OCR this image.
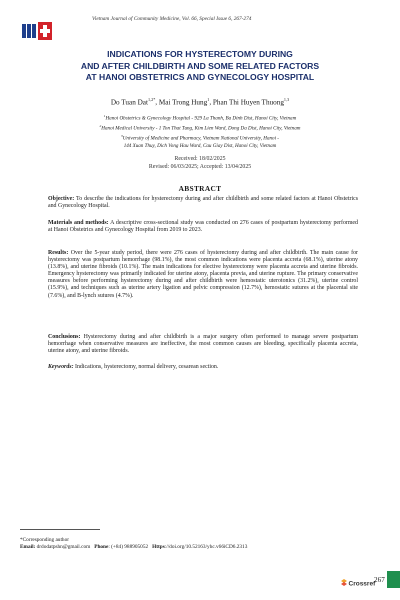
Vietnam Journal of Community Medicine, Vol. 66, Special Issue 6, 267-274
INDICATIONS FOR HYSTERECTOMY DURING
AND AFTER CHILDBIRTH AND SOME RELATED FACTORS
AT HANOI OBSTETRICS AND GYNECOLOGY HOSPITAL
Do Tuan Dat$^{1,2*}$, Mai Trong Hung$^1$, Phan Thi Huyen Thuong$^{1,3}$
$^1$Hanoi Obstetrics & Gynecology Hospital - 929 La Thanh, Ba Dinh Dist, Hanoi City, Vietnam
$^2$Hanoi Medical University - 1 Ton That Tung, Kim Lien Ward, Dong Da Dist, Hanoi City, Vietnam
$^3$University of Medicine and Pharmacy, Vietnam National University, Hanoi -
144 Xuan Thuy, Dich Vong Hau Ward, Cau Giay Dist, Hanoi City, Vietnam
Received: 18/02/2025
Revised: 06/03/2025; Accepted: 13/04/2025
ABSTRACT
Objective: To describe the indications for hysterectomy during and after childbirth and some related factors at Hanoi Obstetrics and Gynecology Hospital.
Materials and methods: A descriptive cross-sectional study was conducted on 276 cases of postpartum hysterectomy performed at Hanoi Obstetrics and Gynecology Hospital from 2019 to 2023.
Results: Over the 5-year study period, there were 276 cases of hysterectomy during and after childbirth. The main cause for hysterectomy was postpartum hemorrhage (98.1%), the most common indications were placenta accreta (68.1%), uterine atony (13.8%), and uterine fibroids (10.1%). The main indications for elective hysterectomy were placenta accreta and uterine fibroids. Emergency hysterectomy was primarily indicated for uterine atony, placenta previa, and uterine rupture. The primary conservative measures before performing hysterectomy during and after childbirth were hemostatic uterotonics (31.2%), uterine control (15.9%), and techniques such as uterine artery ligation and pelvic compression (12.7%), hemostatic sutures at the placental site (7.6%), and B-lynch sutures (4.7%).
Conclusions: Hysterectomy during and after childbirth is a major surgery often performed to manage severe postpartum hemorrhage when conservative measures are ineffective, the most common causes are bleeding, specifically placenta accreta, uterine atony, and uterine fibroids.
Keywords: Indications, hysterectomy, normal delivery, cesarean section.
*Corresponding author
Email: drdodatpshn@gmail.com Phone: (+84) 988905052 Https://doi.org/10.52163/yhc.v66iCD6.2313
Crossref
267
